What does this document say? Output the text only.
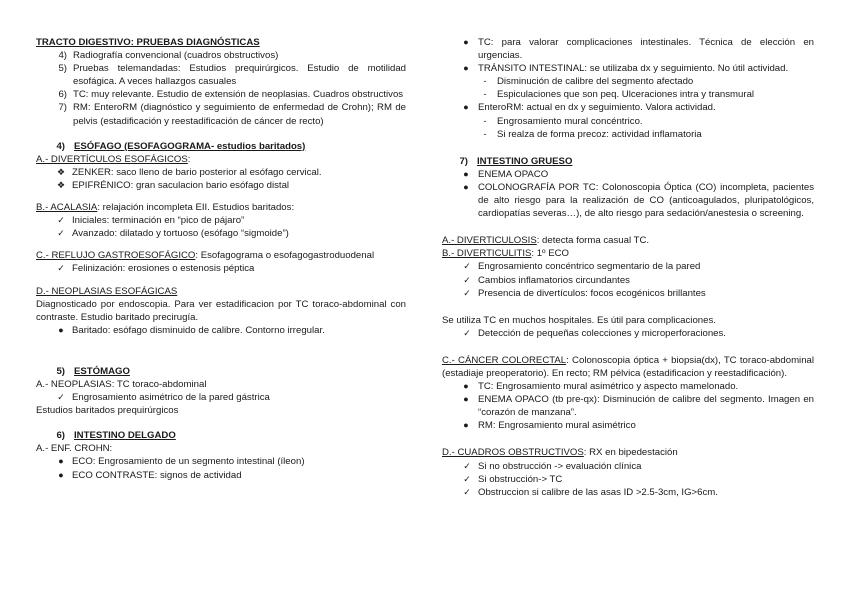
TRACTO DIGESTIVO: PRUEBAS DIAGNÓSTICAS
4) Radiografía convencional (cuadros obstructivos)
5) Pruebas telemandadas: Estudios prequirúrgicos. Estudio de motilidad esofágica. A veces hallazgos casuales
6) TC: muy relevante. Estudio de extensión de neoplasias. Cuadros obstructivos
7) RM: EnteroRM (diagnóstico y seguimiento de enfermedad de Crohn); RM de pelvis (estadificación y reestadificación de cáncer de recto)
4) ESÓFAGO (ESOFAGOGRAMA- estudios baritados)
A.- DIVERTÍCULOS ESOFÁGICOS:
❖ ZENKER: saco lleno de bario posterior al esófago cervical.
❖ EPIFRÉNICO: gran saculacion bario esófago distal
B.- ACALASIA: relajación incompleta EII. Estudios baritados:
✓ Iniciales: terminación en “pico de pájaro”
✓ Avanzado: dilatado y tortuoso (esófago “sigmoide”)
C.- REFLUJO GASTROESOFÁGICO: Esofagograma o esofagogastroduodenal
✓ Felinización: erosiones o estenosis péptica
D.- NEOPLASIAS ESOFÁGICAS
Diagnosticado por endoscopia. Para ver estadificacion por TC toraco-abdominal con contraste. Estudio baritado precirugía.
● Baritado: esófago disminuido de calibre. Contorno irregular.
5) ESTÓMAGO
A.- NEOPLASIAS: TC toraco-abdominal
✓ Engrosamiento asimétrico de la pared gástrica
Estudios baritados prequirúrgicos
6) INTESTINO DELGADO
A.- ENF. CROHN:
● ECO: Engrosamiento de un segmento intestinal (íleon)
● ECO CONTRASTE: signos de actividad
● TC: para valorar complicaciones intestinales. Técnica de elección en urgencias.
● TRÁNSITO INTESTINAL: se utilizaba dx y seguimiento. No útil actividad.
-	Disminución de calibre del segmento afectado
-	Espiculaciones que son peq. Ulceraciones intra y transmural
● EnteroRM: actual en dx y seguimiento. Valora actividad.
-	Engrosamiento mural concéntrico.
-	Si realza de forma precoz: actividad inflamatoria
7) INTESTINO GRUESO
● ENEMA OPACO
● COLONOGRAFÍA POR TC: Colonoscopia Óptica (CO) incompleta, pacientes de alto riesgo para la realización de CO (anticoagulados, pluripatológicos, cardiopatías severas…), de alto riesgo para sedación/anestesia o screening.
A.- DIVERTICULOSIS: detecta forma casual TC.
B.- DIVERTICULITIS: 1º ECO
✓ Engrosamiento concéntrico segmentario de la pared
✓ Cambios inflamatorios circundantes
✓ Presencia de divertículos: focos ecogénicos brillantes
Se utiliza TC en muchos hospitales. Es útil para complicaciones.
✓ Detección de pequeñas colecciones y microperforaciones.
C.- CÁNCER COLORECTAL: Colonoscopia óptica + biopsia(dx), TC toraco-abdominal (estadiaje preoperatorio). En recto; RM pélvica (estadificacion y reestadificación).
● TC: Engrosamiento mural asimétrico y aspecto mamelonado.
● ENEMA OPACO (tb pre-qx): Disminución de calibre del segmento. Imagen en “corazón de manzana”.
● RM: Engrosamiento mural asimétrico
D.- CUADROS OBSTRUCTIVOS: RX en bipedestación
✓ Si no obstrucción -> evaluación clínica
✓ Si obstrucción-> TC
✓ Obstruccion si calibre de las asas ID >2.5-3cm, IG>6cm.
